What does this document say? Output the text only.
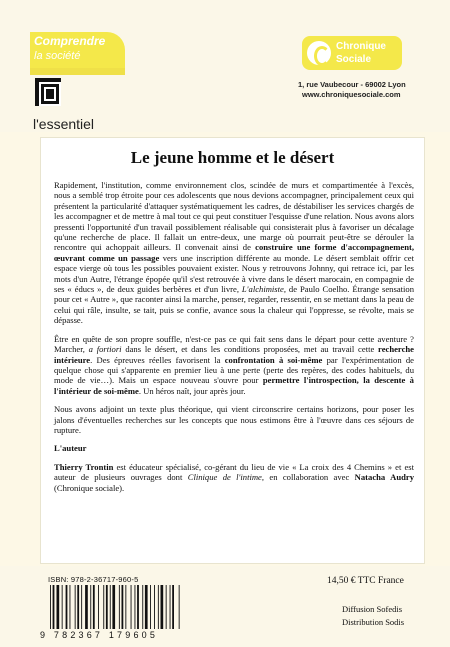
Comprendre
la société
l'essentiel
Chronique
Sociale
1, rue Vaubecour - 69002 Lyon
www.chroniquesociale.com
Le jeune homme et le désert

Rapidement, l'institution, comme environnement clos, scindée de murs et compartimentée à l'excès, nous a semblé trop étroite pour ces adolescents que nous devions accompagner, principalement ceux qui présentent la particularité d'attaquer systématiquement les cadres, de déstabiliser les services chargés de les accompagner et de mettre à mal tout ce qui peut constituer l'esquisse d'une relation. Nous avons alors pressenti l'opportunité d'un travail possiblement réalisable qui consisterait plus à favoriser un décalage qu'une recherche de place. Il fallait un entre-deux, une marge où pourrait peut-être se dérouler la rencontre qui achoppait ailleurs. Il convenait ainsi de construire une forme d'accompagnement, œuvrant comme un passage vers une inscription différente au monde. Le désert semblait offrir cet espace vierge où tous les possibles pouvaient exister. Nous y retrouvons Johnny, qui retrace ici, par les mots d'un Autre, l'étrange épopée qu'il s'est retrouvée à vivre dans le désert marocain, en compagnie de ses « éducs », de deux guides berbères et d'un livre, L'alchimiste, de Paulo Coelho. Étrange sensation pour cet « Autre », que raconter ainsi la marche, penser, regarder, ressentir, en se mettant dans la peau de celui qui râle, insulte, se tait, puis se confie, avance sous la chaleur qui l'oppresse, se révolte, mais se dépasse.

Être en quête de son propre souffle, n'est-ce pas ce qui fait sens dans le départ pour cette aventure ? Marcher, a fortiori dans le désert, et dans les conditions proposées, met au travail cette recherche intérieure. Des épreuves réelles favorisent la confrontation à soi-même par l'expérimentation de quelque chose qui s'apparente en premier lieu à une perte (perte des repères, des codes habituels, du mode de vie…). Mais un espace nouveau s'ouvre pour permettre l'introspection, la descente à l'intérieur de soi-même. Un héros naît, jour après jour.

Nous avons adjoint un texte plus théorique, qui vient circonscrire certains horizons, pour poser les jalons d'éventuelles recherches sur les concepts que nous estimons être à l'œuvre dans ces séjours de rupture.

L'auteur

Thierry Trontin est éducateur spécialisé, co-gérant du lieu de vie « La croix des 4 Chemins » et est auteur de plusieurs ouvrages dont Clinique de l'intime, en collaboration avec Natacha Audry (Chronique sociale).

ISBN: 978-2-36717-960-5
9 782367 179605
14,50 € TTC France
Diffusion Sofedis
Distribution Sodis
